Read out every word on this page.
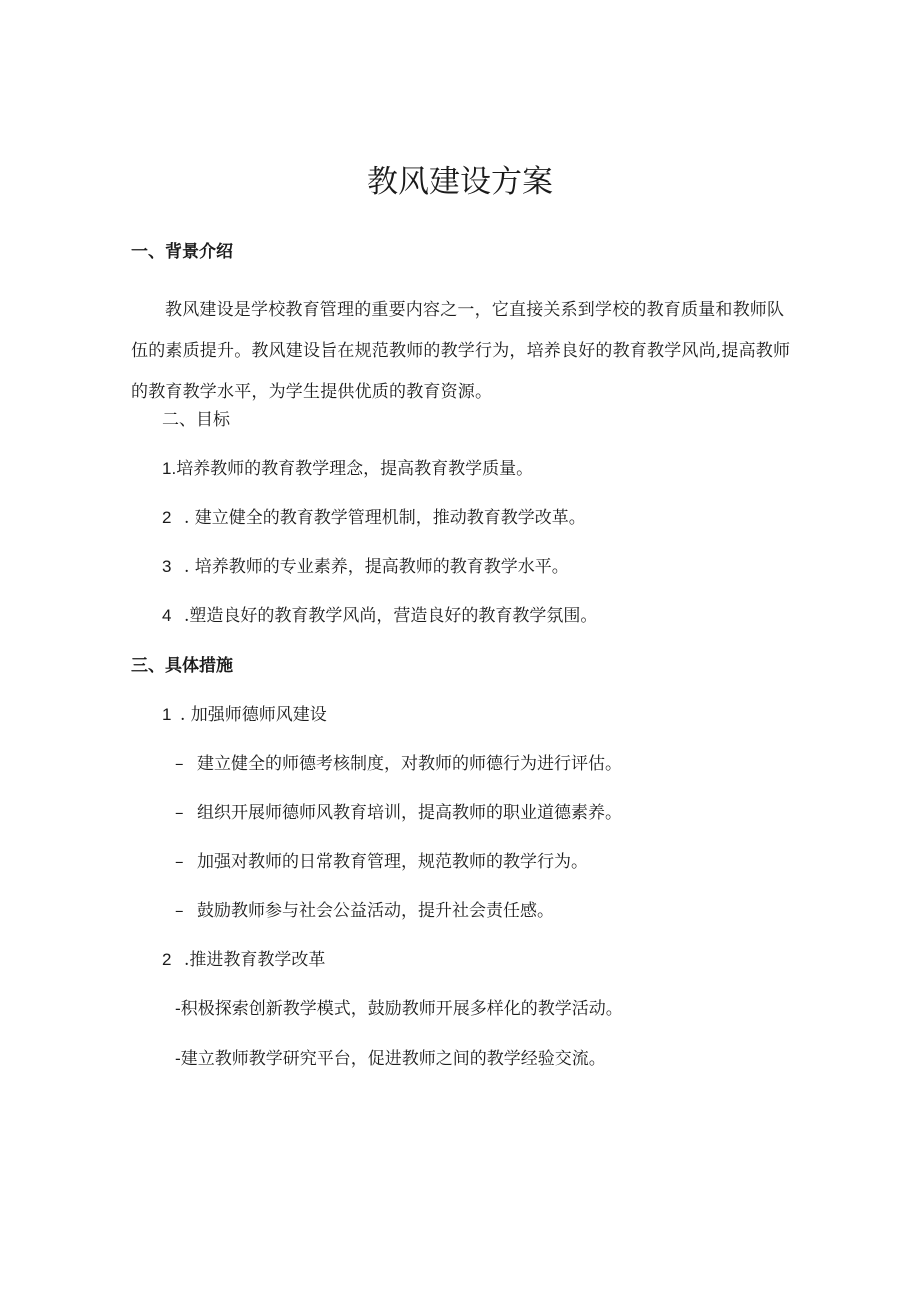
教风建设方案
一、背景介绍

教风建设是学校教育管理的重要内容之一，它直接关系到学校的教育质量和教师队伍的素质提升。教风建设旨在规范教师的教学行为，培养良好的教育教学风尚,提高教师的教育教学水平，为学生提供优质的教育资源。

二、目标
1.培养教师的教育教学理念，提高教育教学质量。
2 . 建立健全的教育教学管理机制，推动教育教学改革。
3 . 培养教师的专业素养，提高教师的教育教学水平。
4 .塑造良好的教育教学风尚，营造良好的教育教学氛围。
三、具体措施
1 . 加强师德师风建设
– 建立健全的师德考核制度，对教师的师德行为进行评估。
– 组织开展师德师风教育培训，提高教师的职业道德素养。
– 加强对教师的日常教育管理，规范教师的教学行为。
– 鼓励教师参与社会公益活动，提升社会责任感。
2 .推进教育教学改革
-积极探索创新教学模式，鼓励教师开展多样化的教学活动。
-建立教师教学研究平台，促进教师之间的教学经验交流。
